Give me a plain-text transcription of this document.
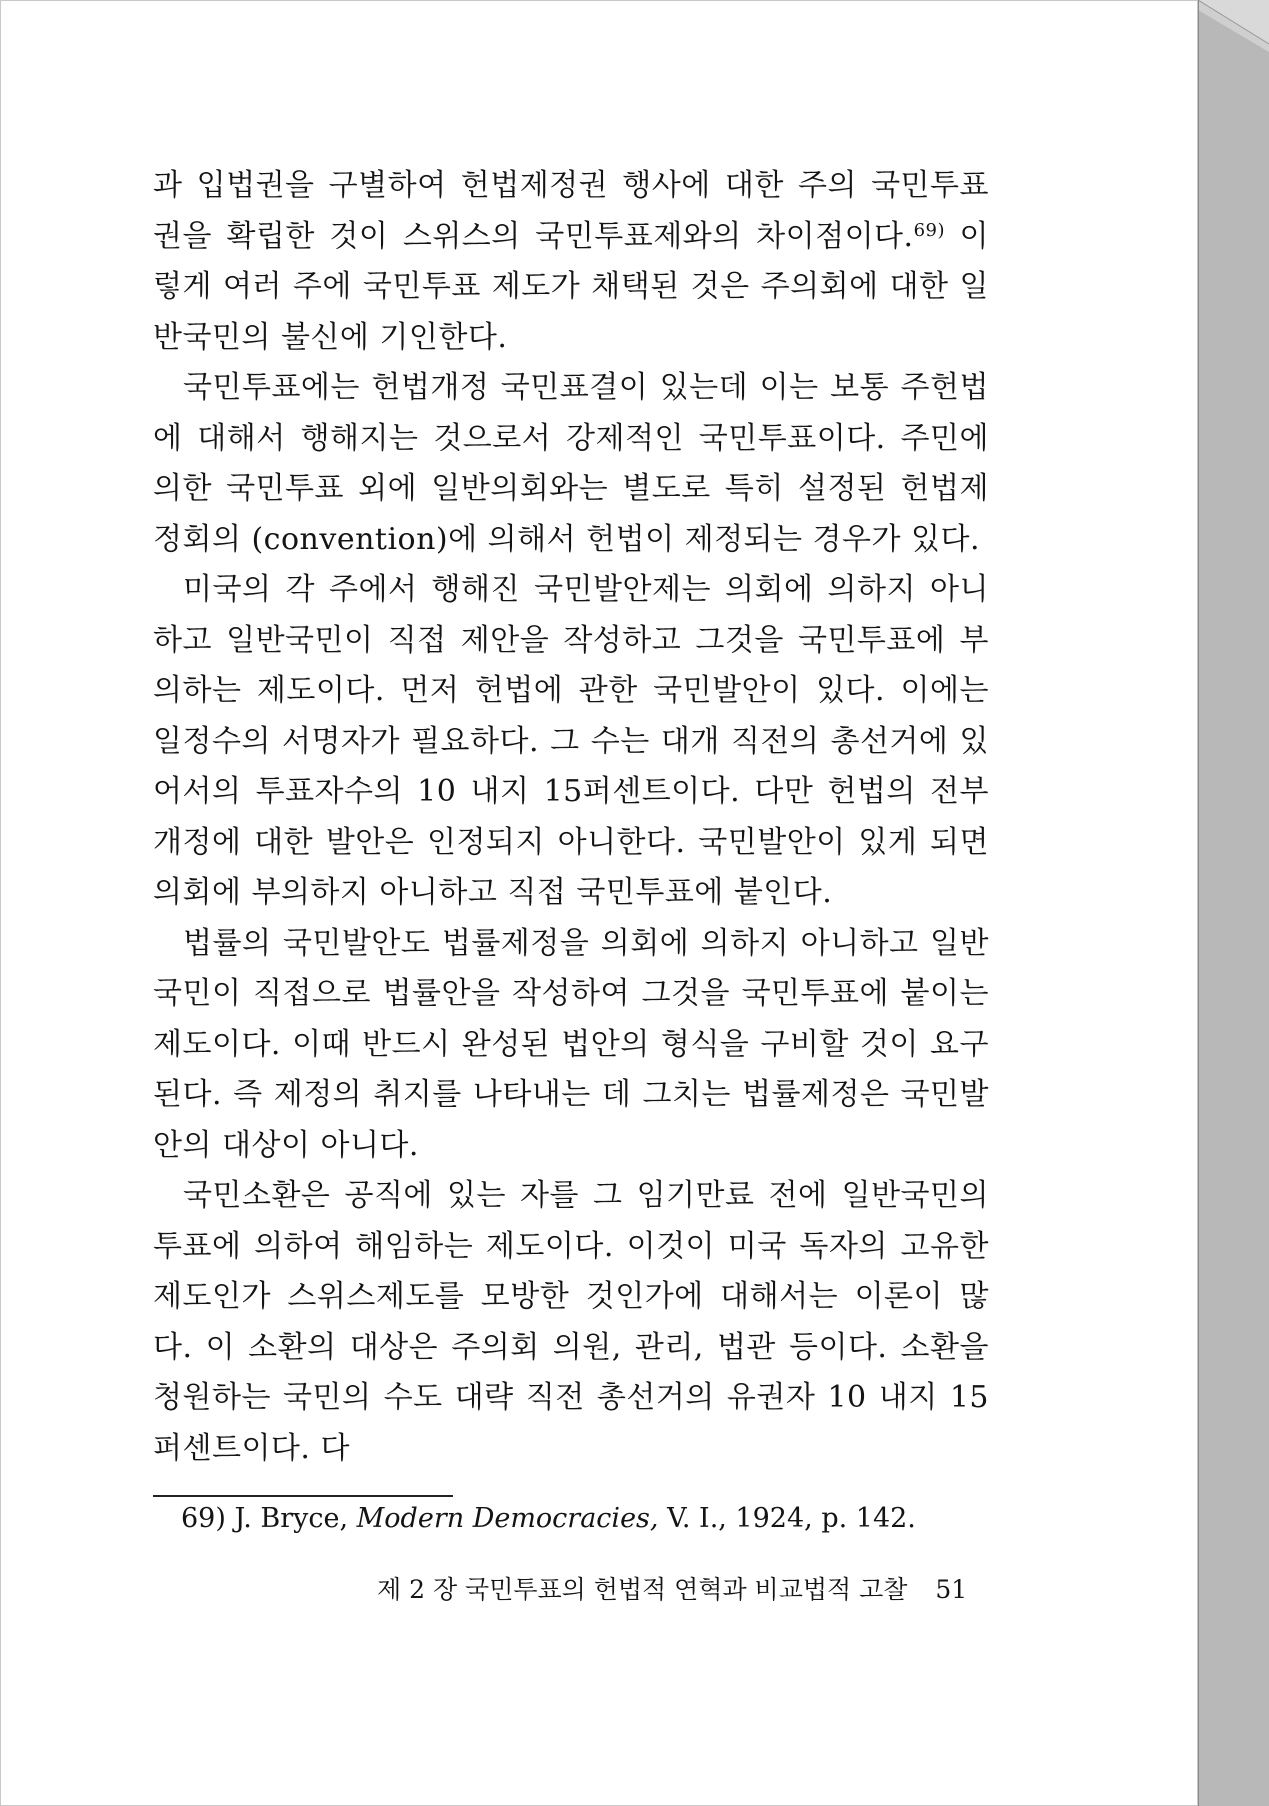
과 입법권을 구별하여 헌법제정권 행사에 대한 주의 국민투표권을 확립한 것이 스위스의 국민투표제와의 차이점이다.$^{69)}$ 이렇게 여러 주에 국민투표 제도가 채택된 것은 주의회에 대한 일반국민의 불신에 기인한다.

국민투표에는 헌법개정 국민표결이 있는데 이는 보통 주헌법에 대해서 행해지는 것으로서 강제적인 국민투표이다. 주민에 의한 국민투표 외에 일반의회와는 별도로 특히 설정된 헌법제정회의 (convention)에 의해서 헌법이 제정되는 경우가 있다.

미국의 각 주에서 행해진 국민발안제는 의회에 의하지 아니하고 일반국민이 직접 제안을 작성하고 그것을 국민투표에 부의하는 제도이다. 먼저 헌법에 관한 국민발안이 있다. 이에는 일정수의 서명자가 필요하다. 그 수는 대개 직전의 총선거에 있어서의 투표자수의 10 내지 15퍼센트이다. 다만 헌법의 전부개정에 대한 발안은 인정되지 아니한다. 국민발안이 있게 되면 의회에 부의하지 아니하고 직접 국민투표에 붙인다.

법률의 국민발안도 법률제정을 의회에 의하지 아니하고 일반국민이 직접으로 법률안을 작성하여 그것을 국민투표에 붙이는 제도이다. 이때 반드시 완성된 법안의 형식을 구비할 것이 요구된다. 즉 제정의 취지를 나타내는 데 그치는 법률제정은 국민발안의 대상이 아니다.

국민소환은 공직에 있는 자를 그 임기만료 전에 일반국민의 투표에 의하여 해임하는 제도이다. 이것이 미국 독자의 고유한 제도인가 스위스제도를 모방한 것인가에 대해서는 이론이 많다. 이 소환의 대상은 주의회 의원, 관리, 법관 등이다. 소환을 청원하는 국민의 수도 대략 직전 총선거의 유권자 10 내지 15퍼센트이다. 다

69) J. Bryce, Modern Democracies, V. I., 1924, p. 142.
제 2 장 국민투표의 헌법적 연혁과 비교법적 고찰 51
